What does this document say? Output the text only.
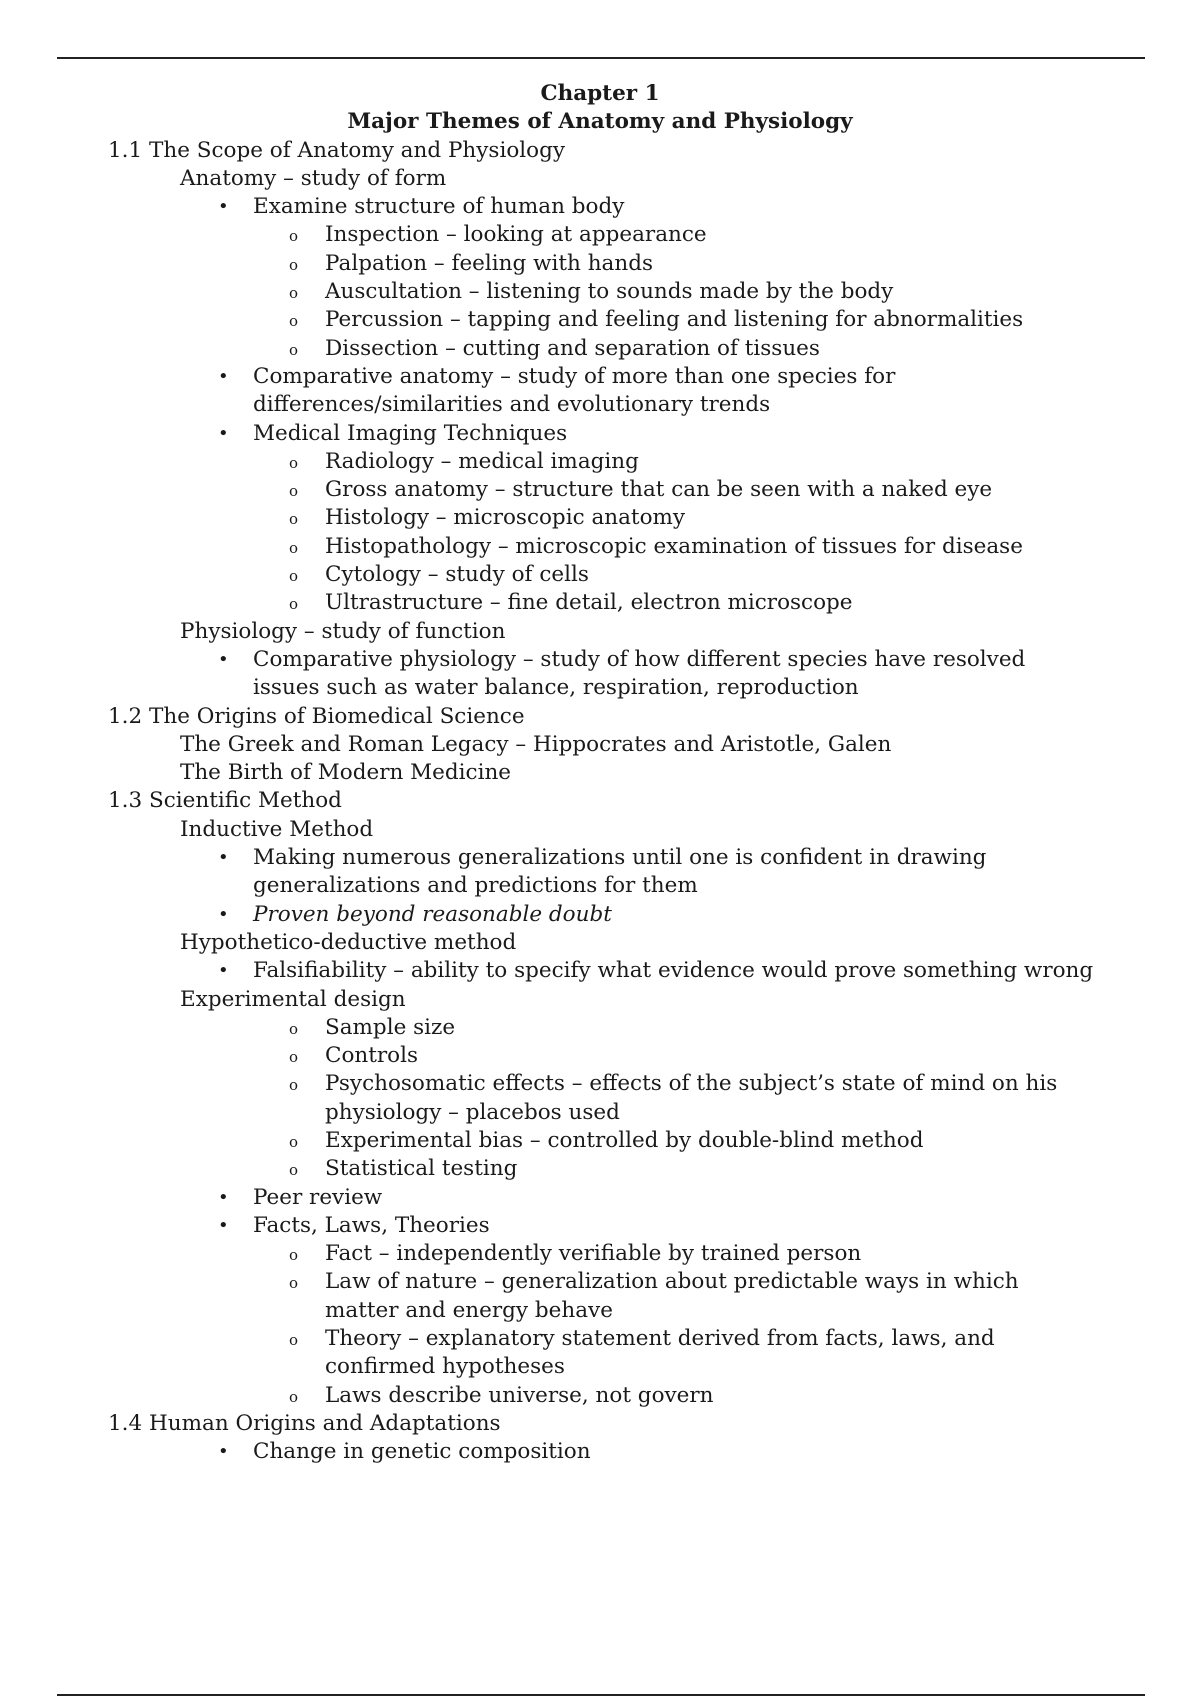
Chapter 1
Major Themes of Anatomy and Physiology
1.1 The Scope of Anatomy and Physiology
Anatomy – study of form
• Examine structure of human body
o Inspection – looking at appearance
o Palpation – feeling with hands
o Auscultation – listening to sounds made by the body
o Percussion – tapping and feeling and listening for abnormalities
o Dissection – cutting and separation of tissues
• Comparative anatomy – study of more than one species for
differences/similarities and evolutionary trends
• Medical Imaging Techniques
o Radiology – medical imaging
o Gross anatomy – structure that can be seen with a naked eye
o Histology – microscopic anatomy
o Histopathology – microscopic examination of tissues for disease
o Cytology – study of cells
o Ultrastructure – fine detail, electron microscope
Physiology – study of function
• Comparative physiology – study of how different species have resolved
issues such as water balance, respiration, reproduction
1.2 The Origins of Biomedical Science
The Greek and Roman Legacy – Hippocrates and Aristotle, Galen
The Birth of Modern Medicine
1.3 Scientific Method
Inductive Method
• Making numerous generalizations until one is confident in drawing
generalizations and predictions for them
• Proven beyond reasonable doubt
Hypothetico-deductive method
• Falsifiability – ability to specify what evidence would prove something wrong
Experimental design
o Sample size
o Controls
o Psychosomatic effects – effects of the subject’s state of mind on his
physiology – placebos used
o Experimental bias – controlled by double-blind method
o Statistical testing
• Peer review
• Facts, Laws, Theories
o Fact – independently verifiable by trained person
o Law of nature – generalization about predictable ways in which
matter and energy behave
o Theory – explanatory statement derived from facts, laws, and
confirmed hypotheses
o Laws describe universe, not govern
1.4 Human Origins and Adaptations
• Change in genetic composition
